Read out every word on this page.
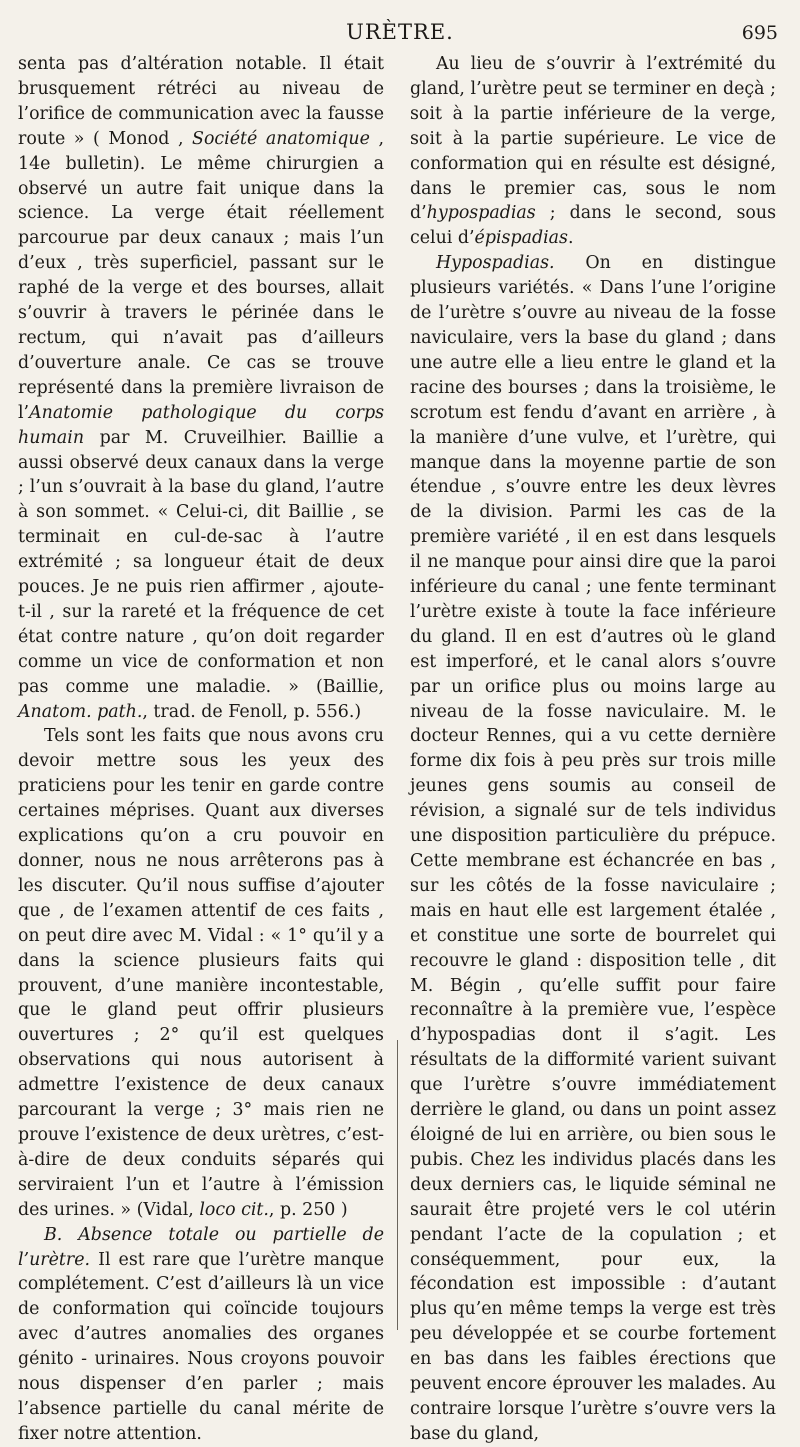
URÈTRE.	695

senta pas d’altération notable. Il était brusquement rétréci au niveau de l’orifice de communication avec la fausse route » ( Monod , Société anatomique , 14e bulletin). Le même chirurgien a observé un autre fait unique dans la science. La verge était réellement parcourue par deux canaux ; mais l’un d’eux , très superficiel, passant sur le raphé de la verge et des bourses, allait s’ouvrir à travers le périnée dans le rectum, qui n’avait pas d’ailleurs d’ouverture anale. Ce cas se trouve représenté dans la première livraison de l’Anatomie pathologique du corps humain par M. Cruveilhier. Baillie a aussi observé deux canaux dans la verge ; l’un s’ouvrait à la base du gland, l’autre à son sommet. « Celui-ci, dit Baillie , se terminait en cul-de-sac à l’autre extrémité ; sa longueur était de deux pouces. Je ne puis rien affirmer , ajoute-t-il , sur la rareté et la fréquence de cet état contre nature , qu’on doit regarder comme un vice de conformation et non pas comme une maladie. » (Baillie, Anatom. path., trad. de Fenoll, p. 556.)

Tels sont les faits que nous avons cru devoir mettre sous les yeux des praticiens pour les tenir en garde contre certaines méprises. Quant aux diverses explications qu’on a cru pouvoir en donner, nous ne nous arrêterons pas à les discuter. Qu’il nous suffise d’ajouter que , de l’examen attentif de ces faits , on peut dire avec M. Vidal : « 1° qu’il y a dans la science plusieurs faits qui prouvent, d’une manière incontestable, que le gland peut offrir plusieurs ouvertures ; 2° qu’il est quelques observations qui nous autorisent à admettre l’existence de deux canaux parcourant la verge ; 3° mais rien ne prouve l’existence de deux urètres, c’est-à-dire de deux conduits séparés qui serviraient l’un et l’autre à l’émission des urines. » (Vidal, loco cit., p. 250 )

B. Absence totale ou partielle de l’urètre. Il est rare que l’urètre manque complétement. C’est d’ailleurs là un vice de conformation qui coïncide toujours avec d’autres anomalies des organes génito - urinaires. Nous croyons pouvoir nous dispenser d’en parler ; mais l’absence partielle du canal mérite de fixer notre attention.

Au lieu de s’ouvrir à l’extrémité du gland, l’urètre peut se terminer en deçà ; soit à la partie inférieure de la verge, soit à la partie supérieure. Le vice de conformation qui en résulte est désigné, dans le premier cas, sous le nom d’hypospadias ; dans le second, sous celui d’épispadias.

Hypospadias. On en distingue plusieurs variétés. « Dans l’une l’origine de l’urètre s’ouvre au niveau de la fosse naviculaire, vers la base du gland ; dans une autre elle a lieu entre le gland et la racine des bourses ; dans la troisième, le scrotum est fendu d’avant en arrière , à la manière d’une vulve, et l’urètre, qui manque dans la moyenne partie de son étendue , s’ouvre entre les deux lèvres de la division. Parmi les cas de la première variété , il en est dans lesquels il ne manque pour ainsi dire que la paroi inférieure du canal ; une fente terminant l’urètre existe à toute la face inférieure du gland. Il en est d’autres où le gland est imperforé, et le canal alors s’ouvre par un orifice plus ou moins large au niveau de la fosse naviculaire. M. le docteur Rennes, qui a vu cette dernière forme dix fois à peu près sur trois mille jeunes gens soumis au conseil de révision, a signalé sur de tels individus une disposition particulière du prépuce. Cette membrane est échancrée en bas , sur les côtés de la fosse naviculaire ; mais en haut elle est largement étalée , et constitue une sorte de bourrelet qui recouvre le gland : disposition telle , dit M. Bégin , qu’elle suffit pour faire reconnaître à la première vue, l’espèce d’hypospadias dont il s’agit. Les résultats de la difformité varient suivant que l’urètre s’ouvre immédiatement derrière le gland, ou dans un point assez éloigné de lui en arrière, ou bien sous le pubis. Chez les individus placés dans les deux derniers cas, le liquide séminal ne saurait être projeté vers le col utérin pendant l’acte de la copulation ; et conséquemment, pour eux, la fécondation est impossible : d’autant plus qu’en même temps la verge est très peu développée et se courbe fortement en bas dans les faibles érections que peuvent encore éprouver les malades. Au contraire lorsque l’urètre s’ouvre vers la base du gland,
